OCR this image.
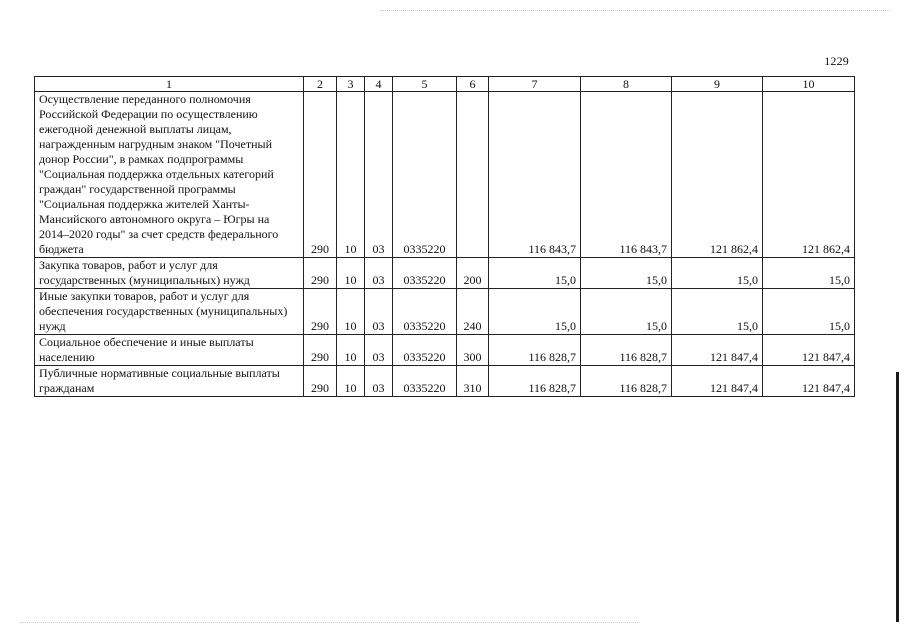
1229
1	2	3	4	5	6	7	8	9	10
Осуществление переданного полномочия Российской Федерации по осуществлению ежегодной денежной выплаты лицам, награжденным нагрудным знаком "Почетный донор России", в рамках подпрограммы "Социальная поддержка отдельных категорий граждан" государственной программы "Социальная поддержка жителей Ханты-Мансийского автономного округа – Югры на 2014–2020 годы" за счет средств федерального бюджета	290	10	03	0335220		116 843,7	116 843,7	121 862,4	121 862,4
Закупка товаров, работ и услуг для государственных (муниципальных) нужд	290	10	03	0335220	200	15,0	15,0	15,0	15,0
Иные закупки товаров, работ и услуг для обеспечения государственных (муниципальных) нужд	290	10	03	0335220	240	15,0	15,0	15,0	15,0
Социальное обеспечение и иные выплаты населению	290	10	03	0335220	300	116 828,7	116 828,7	121 847,4	121 847,4
Публичные нормативные социальные выплаты гражданам	290	10	03	0335220	310	116 828,7	116 828,7	121 847,4	121 847,4
